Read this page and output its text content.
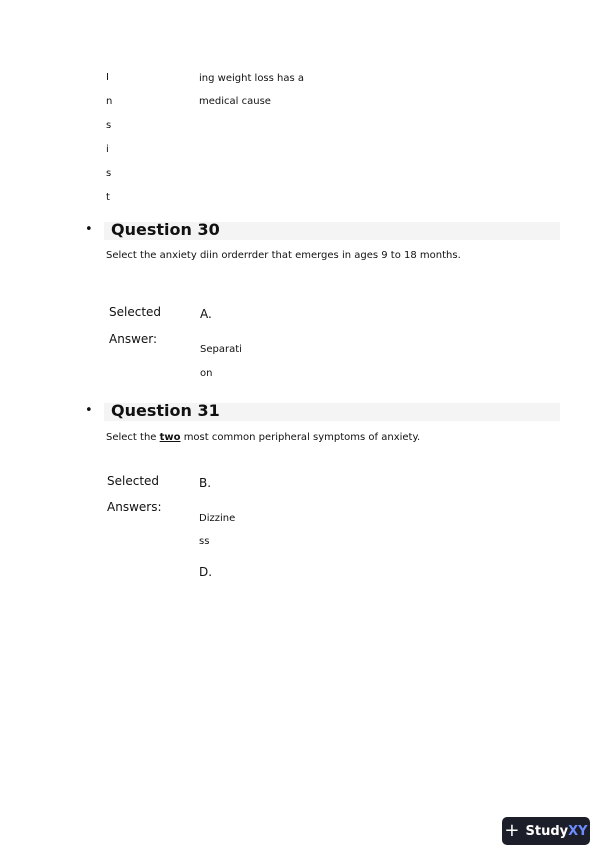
I
n
s
i
s
t
ing weight loss has a
medical cause
• Question 30
Select the anxiety diin orderrder that emerges in ages 9 to 18 months.
Selected
Answer:
A.
Separati
on
• Question 31
Select the two most common peripheral symptoms of anxiety.
Selected
Answers:
B.
Dizzine
ss
D.
+ Study XY
